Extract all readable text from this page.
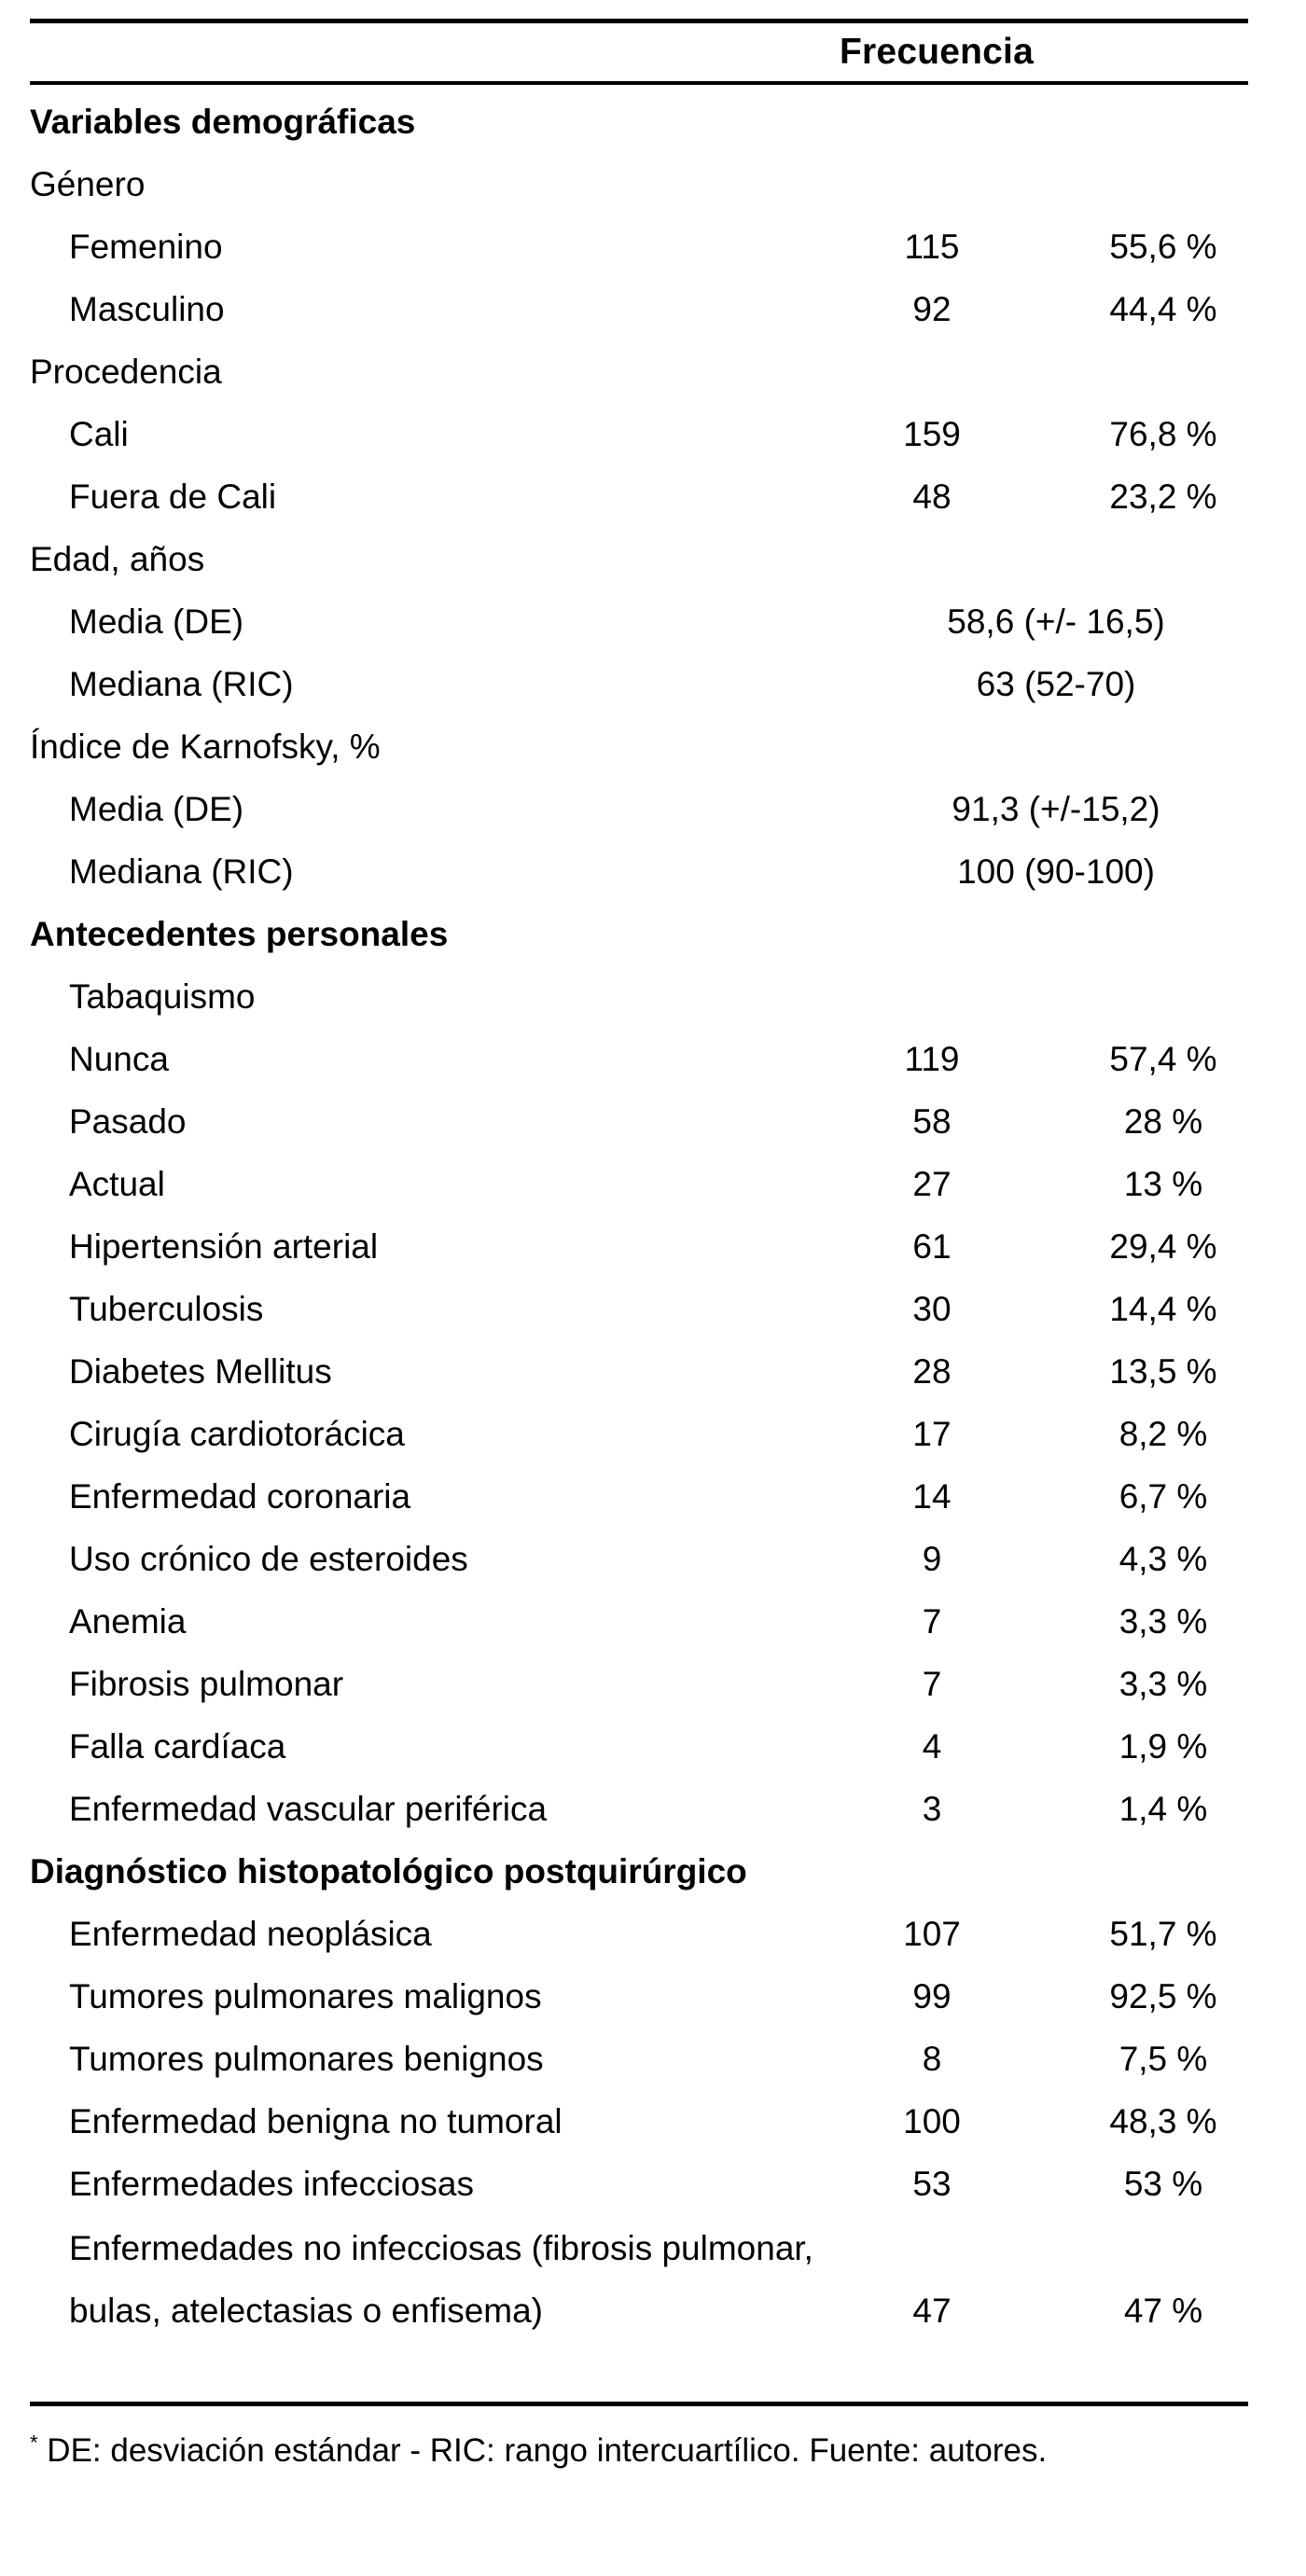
Frecuencia
Variables demográficas
Género
Femenino	115	55,6 %
Masculino	92	44,4 %
Procedencia
Cali	159	76,8 %
Fuera de Cali	48	23,2 %
Edad, años
Media (DE)	58,6 (+/- 16,5)
Mediana (RIC)	63 (52-70)
Índice de Karnofsky, %
Media (DE)	91,3 (+/-15,2)
Mediana (RIC)	100 (90-100)
Antecedentes personales
Tabaquismo
Nunca	119	57,4 %
Pasado	58	28 %
Actual	27	13 %
Hipertensión arterial	61	29,4 %
Tuberculosis	30	14,4 %
Diabetes Mellitus	28	13,5 %
Cirugía cardiotorácica	17	8,2 %
Enfermedad coronaria	14	6,7 %
Uso crónico de esteroides	9	4,3 %
Anemia	7	3,3 %
Fibrosis pulmonar	7	3,3 %
Falla cardíaca	4	1,9 %
Enfermedad vascular periférica	3	1,4 %
Diagnóstico histopatológico postquirúrgico
Enfermedad neoplásica	107	51,7 %
Tumores pulmonares malignos	99	92,5 %
Tumores pulmonares benignos	8	7,5 %
Enfermedad benigna no tumoral	100	48,3 %
Enfermedades infecciosas	53	53 %
Enfermedades no infecciosas (fibrosis pulmonar, bulas, atelectasias o enfisema)	47	47 %
* DE: desviación estándar - RIC: rango intercuartílico. Fuente: autores.
